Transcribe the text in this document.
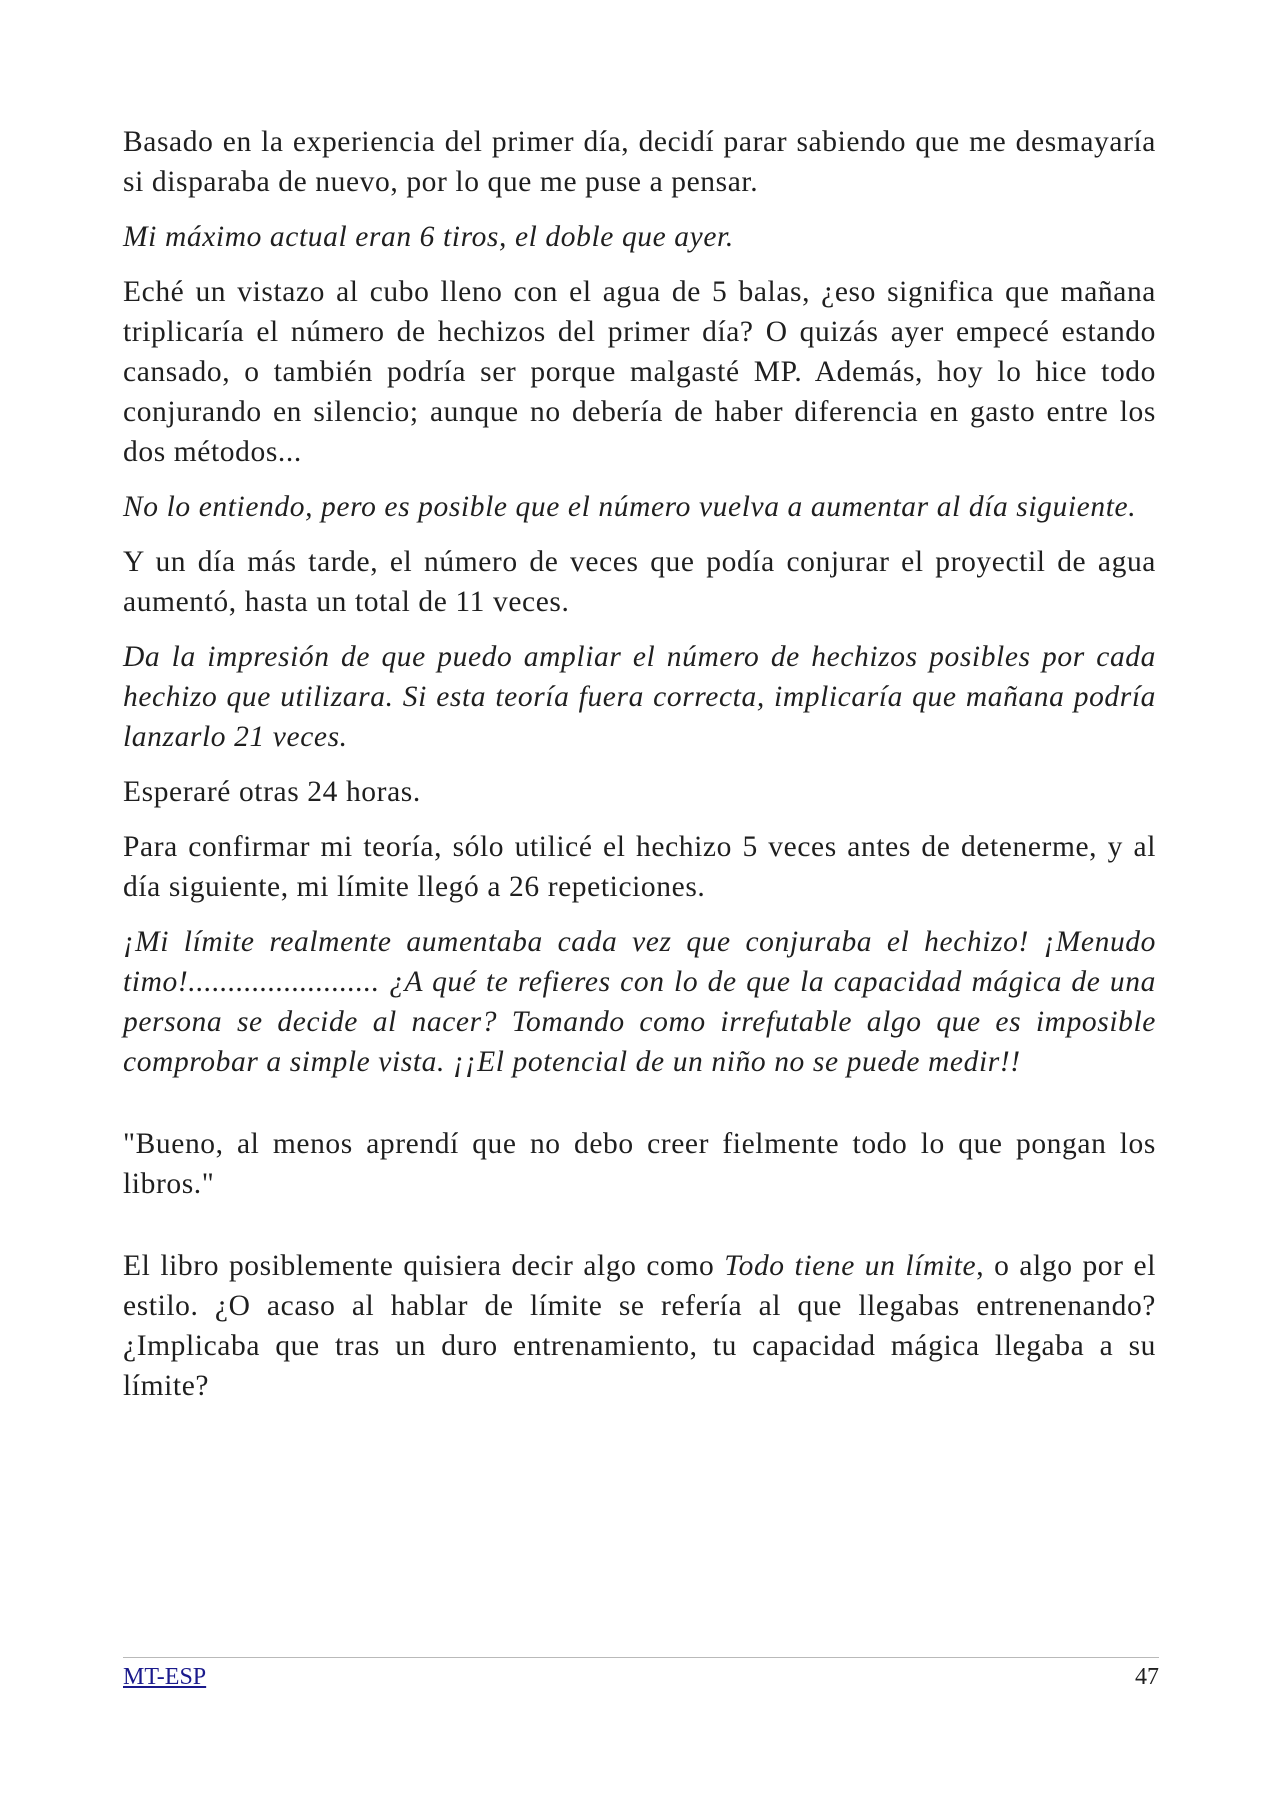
Basado en la experiencia del primer día, decidí parar sabiendo que me desmayaría si disparaba de nuevo, por lo que me puse a pensar.

Mi máximo actual eran 6 tiros, el doble que ayer.

Eché un vistazo al cubo lleno con el agua de 5 balas, ¿eso significa que mañana triplicaría el número de hechizos del primer día? O quizás ayer empecé estando cansado, o también podría ser porque malgasté MP. Además, hoy lo hice todo conjurando en silencio; aunque no debería de haber diferencia en gasto entre los dos métodos...

No lo entiendo, pero es posible que el número vuelva a aumentar al día siguiente.

Y un día más tarde, el número de veces que podía conjurar el proyectil de agua aumentó, hasta un total de 11 veces.

Da la impresión de que puedo ampliar el número de hechizos posibles por cada hechizo que utilizara. Si esta teoría fuera correcta, implicaría que mañana podría lanzarlo 21 veces.

Esperaré otras 24 horas.

Para confirmar mi teoría, sólo utilicé el hechizo 5 veces antes de detenerme, y al día siguiente, mi límite llegó a 26 repeticiones.

¡Mi límite realmente aumentaba cada vez que conjuraba el hechizo! ¡Menudo timo!........................ ¿A qué te refieres con lo de que la capacidad mágica de una persona se decide al nacer? Tomando como irrefutable algo que es imposible comprobar a simple vista. ¡¡El potencial de un niño no se puede medir!!

"Bueno, al menos aprendí que no debo creer fielmente todo lo que pongan los libros."

El libro posiblemente quisiera decir algo como Todo tiene un límite, o algo por el estilo. ¿O acaso al hablar de límite se refería al que llegabas entrenenando? ¿Implicaba que tras un duro entrenamiento, tu capacidad mágica llegaba a su límite?

MT-ESP	47
